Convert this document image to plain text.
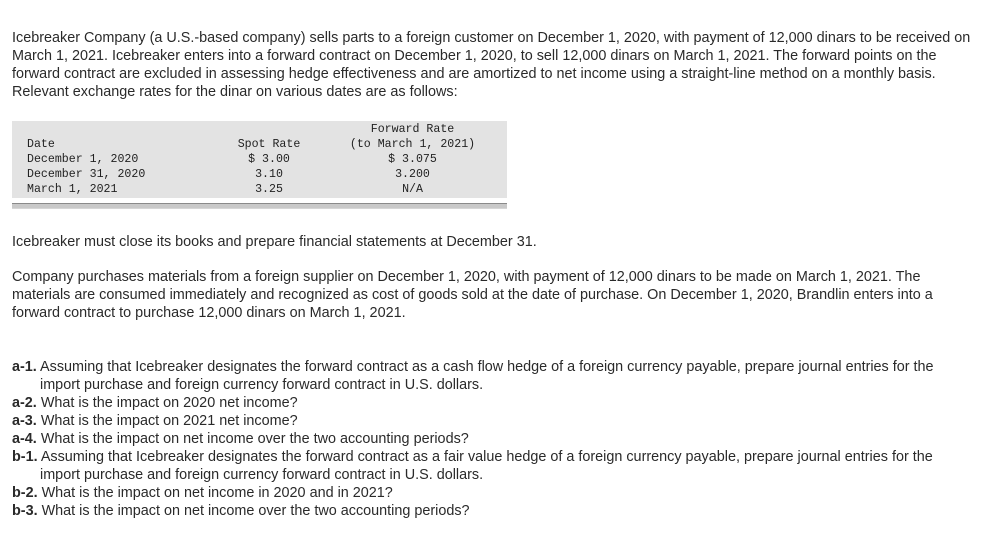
Icebreaker Company (a U.S.-based company) sells parts to a foreign customer on December 1, 2020, with payment of 12,000 dinars to be received on March 1, 2021. Icebreaker enters into a forward contract on December 1, 2020, to sell 12,000 dinars on March 1, 2021. The forward points on the forward contract are excluded in assessing hedge effectiveness and are amortized to net income using a straight-line method on a monthly basis. Relevant exchange rates for the dinar on various dates are as follows:

Forward Rate
Date	Spot Rate	(to March 1, 2021)
December 1, 2020	$ 3.00	$ 3.075
December 31, 2020	3.10	3.200
March 1, 2021	3.25	N/A

Icebreaker must close its books and prepare financial statements at December 31.

Company purchases materials from a foreign supplier on December 1, 2020, with payment of 12,000 dinars to be made on March 1, 2021. The materials are consumed immediately and recognized as cost of goods sold at the date of purchase. On December 1, 2020, Brandlin enters into a forward contract to purchase 12,000 dinars on March 1, 2021.

a-1. Assuming that Icebreaker designates the forward contract as a cash flow hedge of a foreign currency payable, prepare journal entries for the import purchase and foreign currency forward contract in U.S. dollars.

a-2. What is the impact on 2020 net income?

a-3. What is the impact on 2021 net income?

a-4. What is the impact on net income over the two accounting periods?

b-1. Assuming that Icebreaker designates the forward contract as a fair value hedge of a foreign currency payable, prepare journal entries for the import purchase and foreign currency forward contract in U.S. dollars.

b-2. What is the impact on net income in 2020 and in 2021?

b-3. What is the impact on net income over the two accounting periods?
